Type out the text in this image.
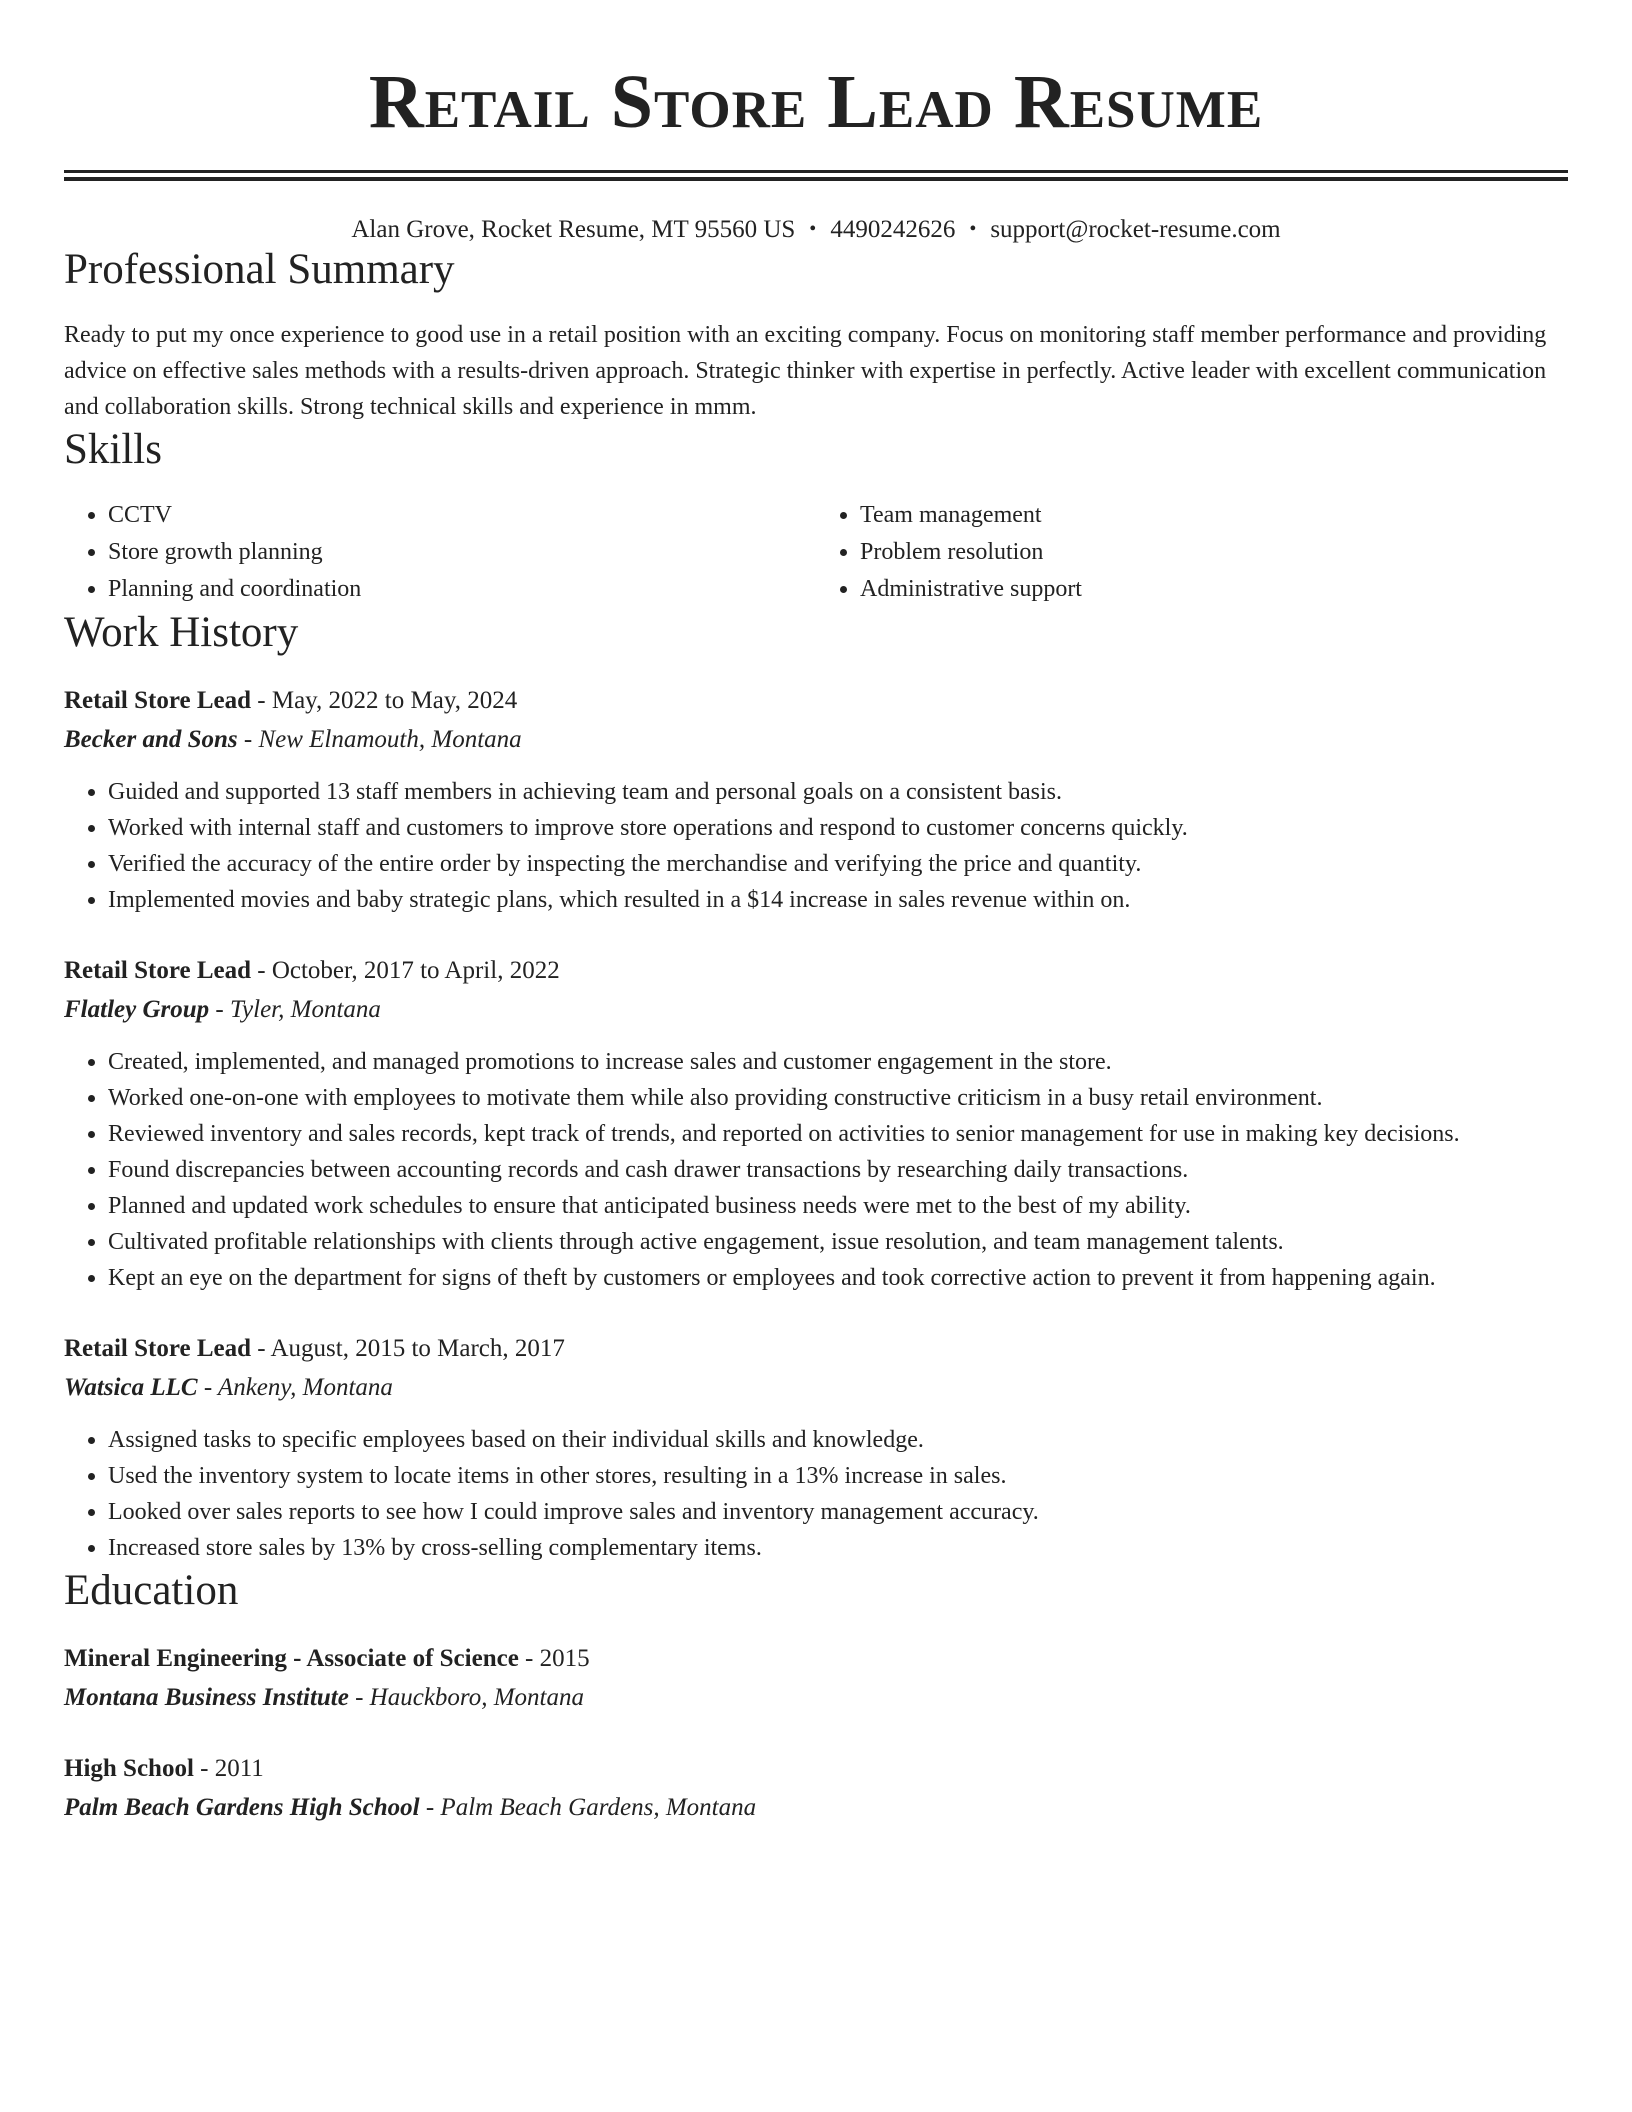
Retail Store Lead Resume
Alan Grove, Rocket Resume, MT 95560 US • 4490242626 • support@rocket-resume.com
Professional Summary

Ready to put my once experience to good use in a retail position with an exciting company. Focus on monitoring staff member performance and providing advice on effective sales methods with a results-driven approach. Strategic thinker with expertise in perfectly. Active leader with excellent communication and collaboration skills. Strong technical skills and experience in mmm.

Skills
• CCTV
• Store growth planning
• Planning and coordination
• Team management
• Problem resolution
• Administrative support
Work History
Retail Store Lead - May, 2022 to May, 2024
Becker and Sons - New Elnamouth, Montana
• Guided and supported 13 staff members in achieving team and personal goals on a consistent basis.
• Worked with internal staff and customers to improve store operations and respond to customer concerns quickly.
• Verified the accuracy of the entire order by inspecting the merchandise and verifying the price and quantity.
• Implemented movies and baby strategic plans, which resulted in a $14 increase in sales revenue within on.
Retail Store Lead - October, 2017 to April, 2022
Flatley Group - Tyler, Montana
• Created, implemented, and managed promotions to increase sales and customer engagement in the store.
• Worked one-on-one with employees to motivate them while also providing constructive criticism in a busy retail environment.
• Reviewed inventory and sales records, kept track of trends, and reported on activities to senior management for use in making key decisions.
• Found discrepancies between accounting records and cash drawer transactions by researching daily transactions.
• Planned and updated work schedules to ensure that anticipated business needs were met to the best of my ability.
• Cultivated profitable relationships with clients through active engagement, issue resolution, and team management talents.
• Kept an eye on the department for signs of theft by customers or employees and took corrective action to prevent it from happening again.
Retail Store Lead - August, 2015 to March, 2017
Watsica LLC - Ankeny, Montana
• Assigned tasks to specific employees based on their individual skills and knowledge.
• Used the inventory system to locate items in other stores, resulting in a 13% increase in sales.
• Looked over sales reports to see how I could improve sales and inventory management accuracy.
• Increased store sales by 13% by cross-selling complementary items.
Education
Mineral Engineering - Associate of Science - 2015
Montana Business Institute - Hauckboro, Montana
High School - 2011
Palm Beach Gardens High School - Palm Beach Gardens, Montana
